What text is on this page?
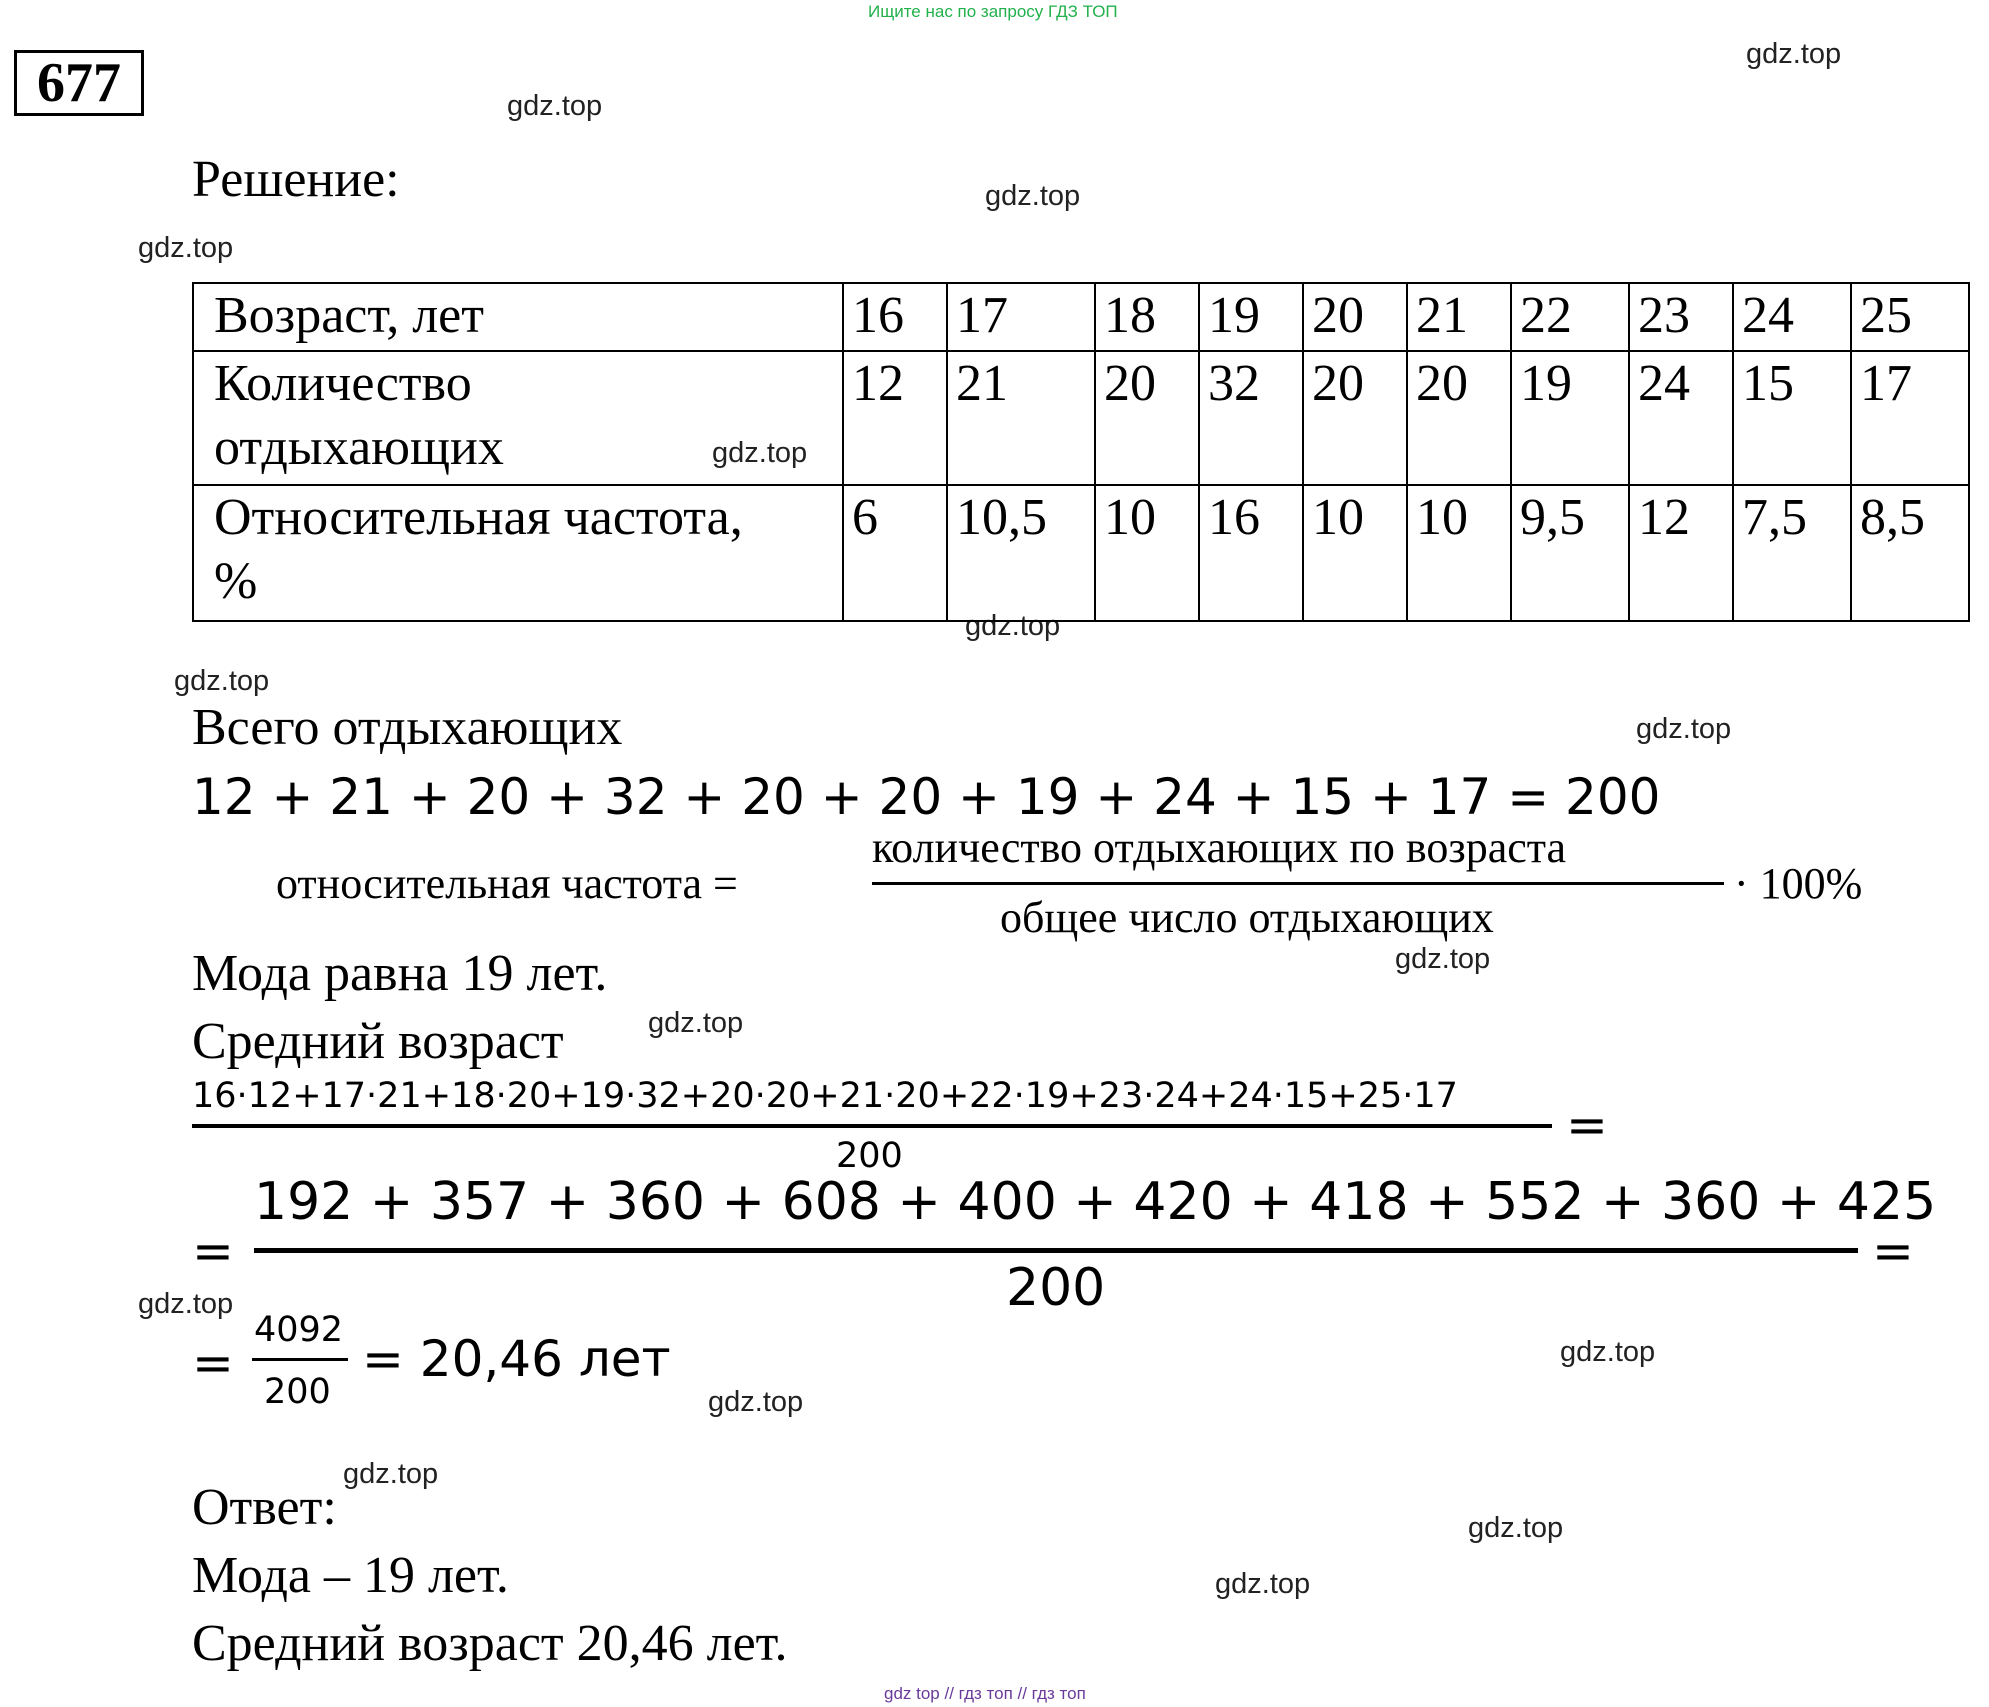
Ищите нас по запросу ГДЗ ТОП
677	gdz.top
gdz.top
gdz.top
gdz.top
gdz.top
gdz.top
gdz.top
gdz.top
gdz.top
gdz.top
gdz.top
gdz.top
gdz.top
gdz.top
gdz.top
gdz.top
Решение:
Возраст, лет	16	17	18	19	20	21	22	23	24	25

Количество
отдыхающих	12	21	20	32	20	20	19	24	15	17

Относительная частота,
%	6	10,5	10	16	10	10	9,5	12	7,5	8,5
Всего отдыхающих
12 + 21 + 20 + 32 + 20 + 20 + 19 + 24 + 15 + 17 = 200
относительная частота =
количество отдыхающих по возраста
общее число отдыхающих
· 100%
Мода равна 19 лет.
Средний возраст
16·12+17·21+18·20+19·32+20·20+21·20+22·19+23·24+24·15+25·17
200
=
=
192 + 357 + 360 + 608 + 400 + 420 + 418 + 552 + 360 + 425
200
=
=
4092
200
= 20,46 лет
Ответ:
Мода – 19 лет.
Средний возраст 20,46 лет.
gdz top // гдз топ // гдз топ
